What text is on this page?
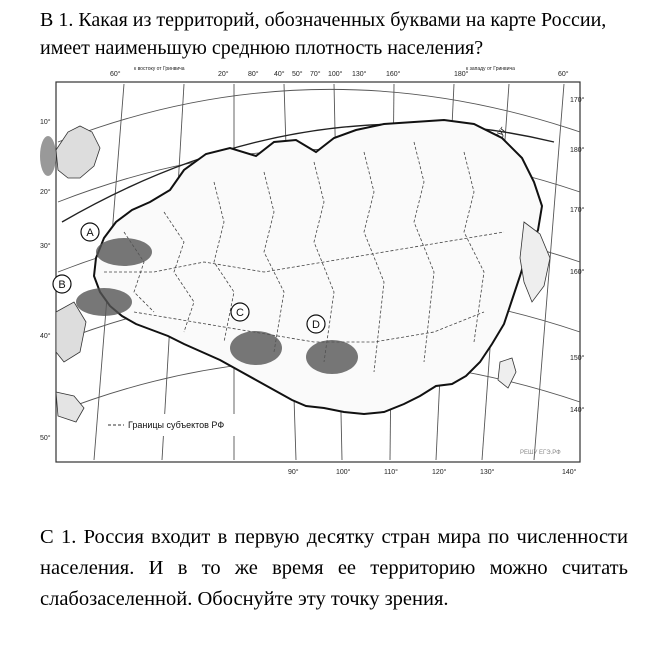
В 1. Какая из территорий, обозначенных буквами на карте России, имеет наименьшую среднюю плотность населения?
A
B
C
D
60°	20°	80° 40° 50° 70° 100° 130°	160°	180°	60°
к востоку от Гринвича	к западу от Гринвича
10°
20°
30°
40°
50°
170°
180°
170°
160°
150°
140°
90°	100°	110°	120°	130°	140°
Границы субъектов РФ
РЕШУ ЕГЭ.РФ
С 1. Россия входит в первую десятку стран мира по численности населения. И в то же время ее территорию можно считать слабозаселенной. Обоснуйте эту точку зрения.
